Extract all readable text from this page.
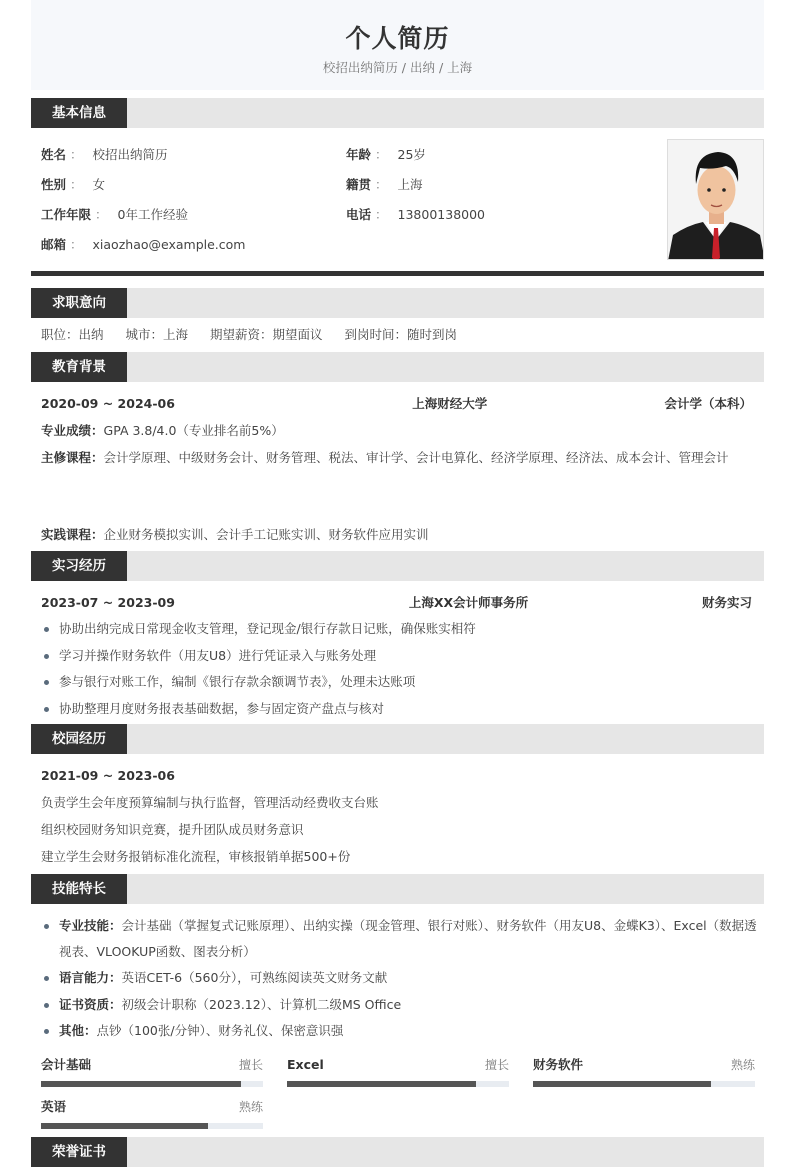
个人简历
校招出纳简历 / 出纳 / 上海
基本信息
姓名 ： 校招出纳简历	年龄 ： 25岁
性别 ： 女	籍贯 ： 上海
工作年限 ： 0年工作经验	电话 ： 13800138000
邮箱 ： xiaozhao@example.com
求职意向
职位：出纳 城市：上海 期望薪资：期望面议 到岗时间：随时到岗
教育背景
2020-09 ~ 2024-06	上海财经大学	会计学（本科）
专业成绩：GPA 3.8/4.0（专业排名前5%）
主修课程：会计学原理、中级财务会计、财务管理、税法、审计学、会计电算化、经济学原理、经济法、成本会计、管理会计
实践课程：企业财务模拟实训、会计手工记账实训、财务软件应用实训
实习经历
2023-07 ~ 2023-09	上海XX会计师事务所	财务实习
协助出纳完成日常现金收支管理，登记现金/银行存款日记账，确保账实相符
学习并操作财务软件（用友U8）进行凭证录入与账务处理
参与银行对账工作，编制《银行存款余额调节表》，处理未达账项
协助整理月度财务报表基础数据，参与固定资产盘点与核对
校园经历
2021-09 ~ 2023-06
负责学生会年度预算编制与执行监督，管理活动经费收支台账
组织校园财务知识竞赛，提升团队成员财务意识
建立学生会财务报销标准化流程，审核报销单据500+份
技能特长
专业技能：会计基础（掌握复式记账原理）、出纳实操（现金管理、银行对账）、财务软件（用友U8、金蝶K3）、Excel（数据透视表、VLOOKUP函数、图表分析）
语言能力：英语CET-6（560分），可熟练阅读英文财务文献
证书资质：初级会计职称（2023.12）、计算机二级MS Office
其他：点钞（100张/分钟）、财务礼仪、保密意识强
会计基础	擅长 Excel	擅长 财务软件	熟练
英语	熟练
荣誉证书
